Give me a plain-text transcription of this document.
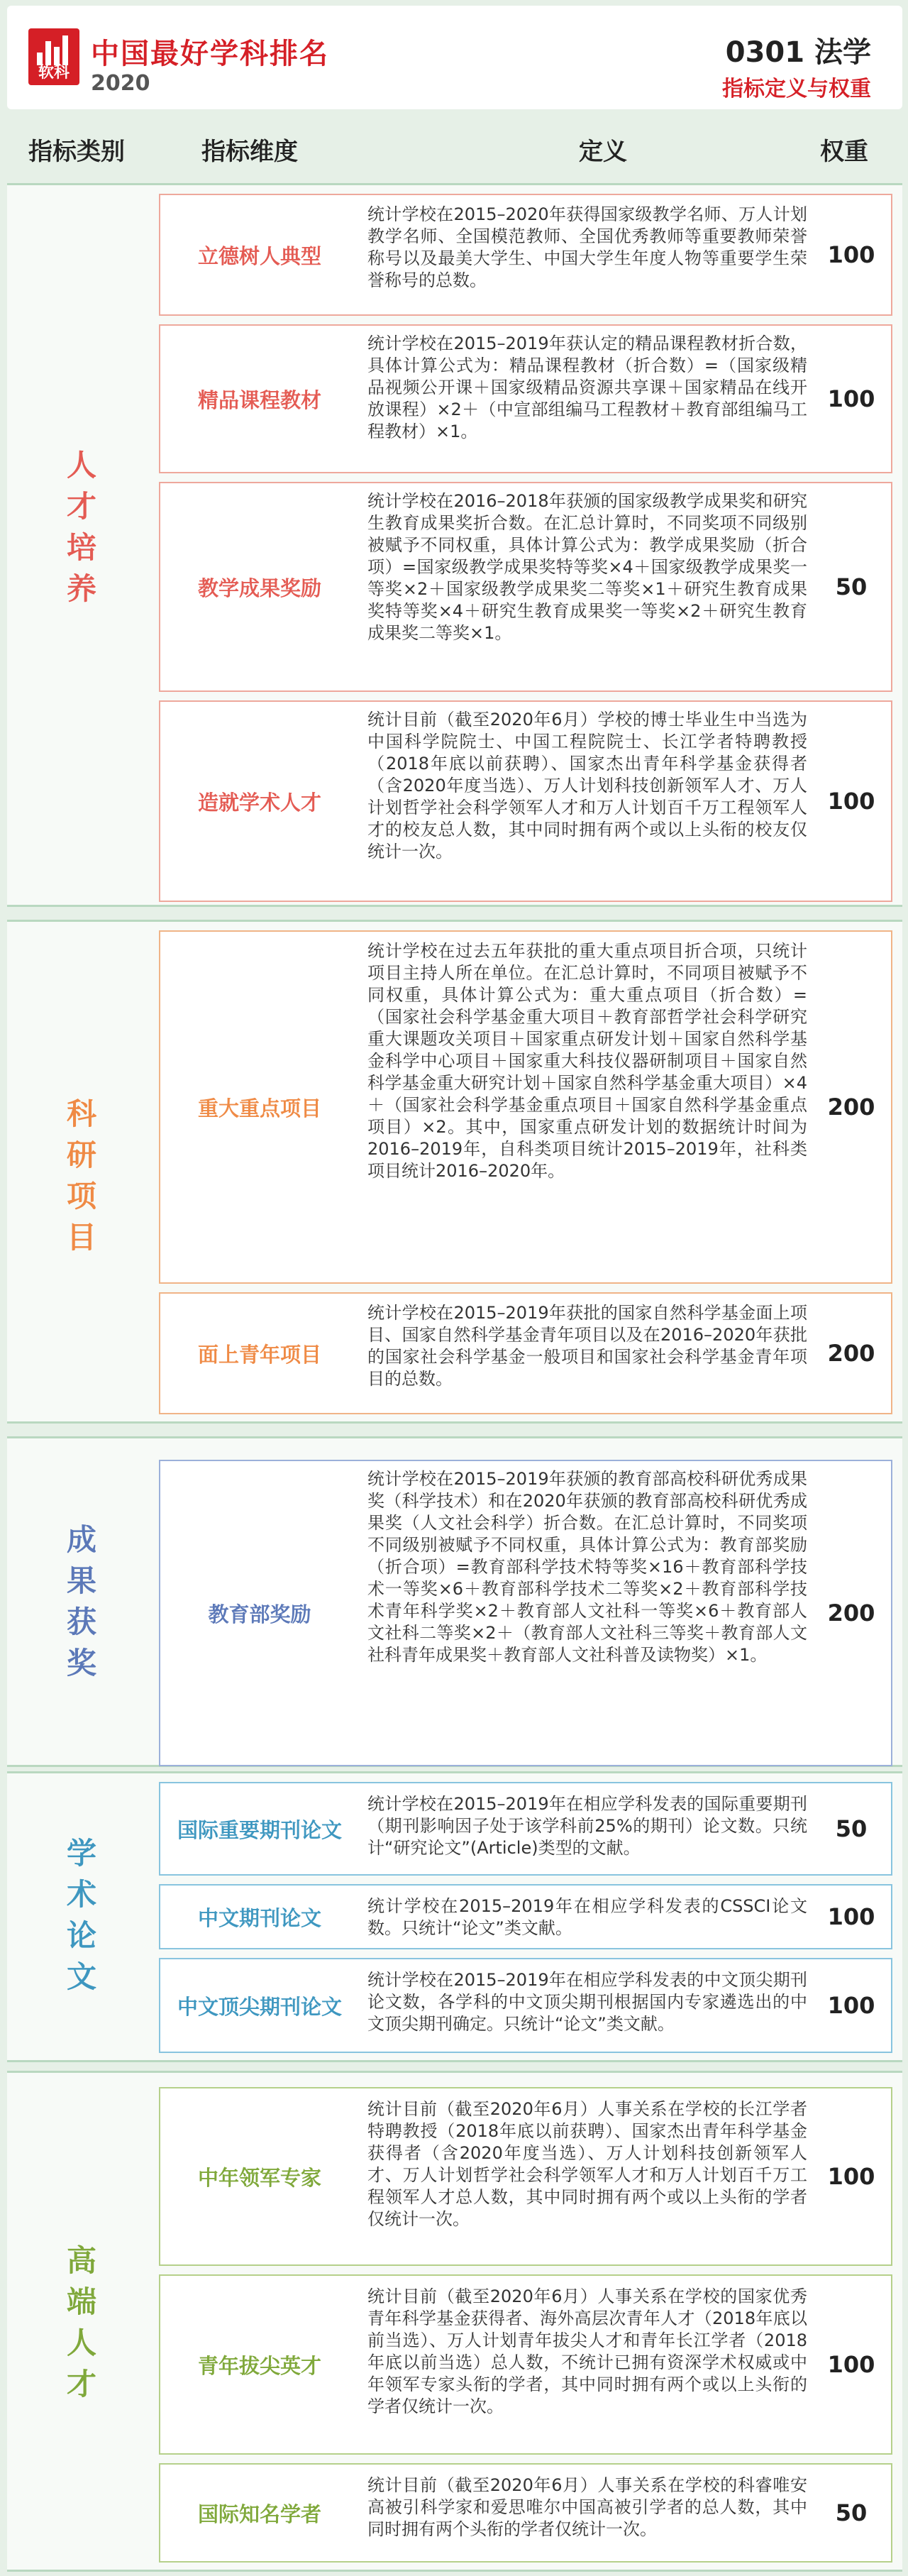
软科
中国最好学科排名
2020
0301 法学
指标定义与权重
指标类别	指标维度	定义	权重
人
才
培
养
立德树人典型
统计学校在2015–2020年获得国家级教学名师、万人计划教学名师、全国模范教师、全国优秀教师等重要教师荣誉称号以及最美大学生、中国大学生年度人物等重要学生荣誉称号的总数。
100
精品课程教材
统计学校在2015–2019年获认定的精品课程教材折合数，具体计算公式为：精品课程教材（折合数）=（国家级精品视频公开课＋国家级精品资源共享课＋国家精品在线开放课程）×2＋（中宣部组编马工程教材＋教育部组编马工程教材）×1。
100
教学成果奖励
统计学校在2016–2018年获颁的国家级教学成果奖和研究生教育成果奖折合数。在汇总计算时，不同奖项不同级别被赋予不同权重，具体计算公式为：教学成果奖励（折合项）=国家级教学成果奖特等奖×4＋国家级教学成果奖一等奖×2＋国家级教学成果奖二等奖×1＋研究生教育成果奖特等奖×4＋研究生教育成果奖一等奖×2＋研究生教育成果奖二等奖×1。
50
造就学术人才
统计目前（截至2020年6月）学校的博士毕业生中当选为中国科学院院士、中国工程院院士、长江学者特聘教授（2018年底以前获聘）、国家杰出青年科学基金获得者（含2020年度当选）、万人计划科技创新领军人才、万人计划哲学社会科学领军人才和万人计划百千万工程领军人才的校友总人数，其中同时拥有两个或以上头衔的校友仅统计一次。
100
科
研
项
目
重大重点项目
统计学校在过去五年获批的重大重点项目折合项，只统计项目主持人所在单位。在汇总计算时，不同项目被赋予不同权重，具体计算公式为：重大重点项目（折合数）=（国家社会科学基金重大项目＋教育部哲学社会科学研究重大课题攻关项目＋国家重点研发计划＋国家自然科学基金科学中心项目＋国家重大科技仪器研制项目＋国家自然科学基金重大研究计划＋国家自然科学基金重大项目）×4＋（国家社会科学基金重点项目＋国家自然科学基金重点项目）×2。其中，国家重点研发计划的数据统计时间为2016–2019年，自科类项目统计2015–2019年，社科类项目统计2016–2020年。
200
面上青年项目
统计学校在2015–2019年获批的国家自然科学基金面上项目、国家自然科学基金青年项目以及在2016–2020年获批的国家社会科学基金一般项目和国家社会科学基金青年项目的总数。
200
成
果
获
奖
教育部奖励
统计学校在2015–2019年获颁的教育部高校科研优秀成果奖（科学技术）和在2020年获颁的教育部高校科研优秀成果奖（人文社会科学）折合数。在汇总计算时，不同奖项不同级别被赋予不同权重，具体计算公式为：教育部奖励（折合项）=教育部科学技术特等奖×16＋教育部科学技术一等奖×6＋教育部科学技术二等奖×2＋教育部科学技术青年科学奖×2＋教育部人文社科一等奖×6＋教育部人文社科二等奖×2＋（教育部人文社科三等奖＋教育部人文社科青年成果奖＋教育部人文社科普及读物奖）×1。
200
学
术
论
文
国际重要期刊论文
统计学校在2015–2019年在相应学科发表的国际重要期刊（期刊影响因子处于该学科前25%的期刊）论文数。只统计“研究论文”(Article)类型的文献。
50
中文期刊论文	统计学校在2015–2019年在相应学科发表的CSSCI论文数。只统计“论文”类文献。	100
中文顶尖期刊论文
统计学校在2015–2019年在相应学科发表的中文顶尖期刊论文数，各学科的中文顶尖期刊根据国内专家遴选出的中文顶尖期刊确定。只统计“论文”类文献。
100
高
端
人
才
中年领军专家
统计目前（截至2020年6月）人事关系在学校的长江学者特聘教授（2018年底以前获聘）、国家杰出青年科学基金获得者（含2020年度当选）、万人计划科技创新领军人才、万人计划哲学社会科学领军人才和万人计划百千万工程领军人才总人数，其中同时拥有两个或以上头衔的学者仅统计一次。
100
青年拔尖英才
统计目前（截至2020年6月）人事关系在学校的国家优秀青年科学基金获得者、海外高层次青年人才（2018年底以前当选）、万人计划青年拔尖人才和青年长江学者（2018年底以前当选）总人数，不统计已拥有资深学术权威或中年领军专家头衔的学者，其中同时拥有两个或以上头衔的学者仅统计一次。
100
国际知名学者
统计目前（截至2020年6月）人事关系在学校的科睿唯安高被引科学家和爱思唯尔中国高被引学者的总人数，其中同时拥有两个头衔的学者仅统计一次。
50
